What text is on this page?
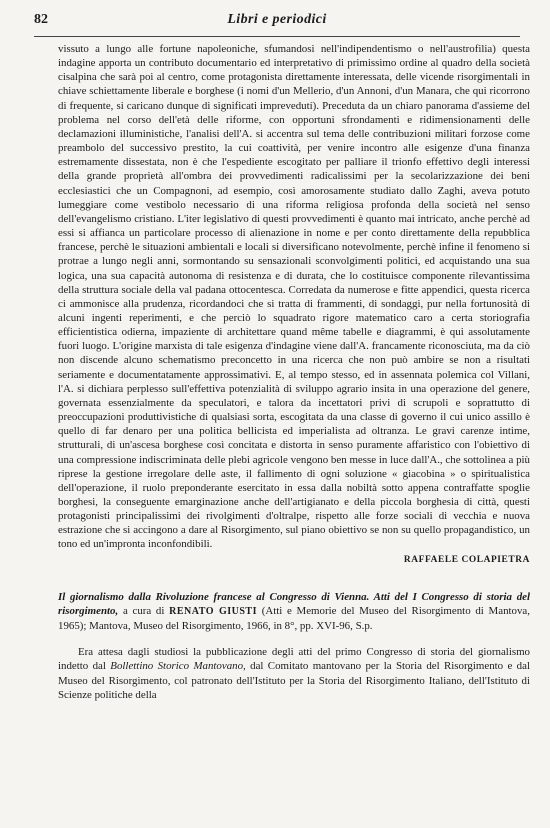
82	Libri e periodici

vissuto a lungo alle fortune napoleoniche, sfumandosi nell'indipendentismo o nell'austrofilia) questa indagine apporta un contributo documentario ed interpretativo di primissimo ordine al quadro della società cisalpina che sarà poi al centro, come protagonista direttamente interessata, delle vicende risorgimentali in chiave schiettamente liberale e borghese (i nomi d'un Mellerio, d'un Annoni, d'un Manara, che qui ricorrono di frequente, si caricano dunque di significati imprevedutí). Preceduta da un chiaro panorama d'assieme del problema nel corso dell'età delle riforme, con opportuni sfrondamenti e ridimensionamenti delle declamazioni illuministiche, l'analisi dell'A. si accentra sul tema delle contribuzioni militari forzose come preambolo del successivo prestito, la cui coattività, per venire incontro alle esigenze d'una finanza estremamente dissestata, non è che l'espediente escogitato per palliare il trionfo effettivo degli interessi della grande proprietà all'ombra dei provvedimenti radicalissimi per la secolarizzazione dei beni ecclesiastici che un Compagnoni, ad esempio, così amorosamente studiato dallo Zaghi, aveva potuto lumeggiare come vestibolo necessario di una riforma religiosa profonda della società nel senso dell'evangelismo cristiano. L'iter legislativo di questi provvedimenti è quanto mai intricato, anche perchè ad essi si affianca un particolare processo di alienazione in nome e per conto direttamente della repubblica francese, perchè le situazioni ambientali e locali si diversificano notevolmente, perchè infine il fenomeno si protrae a lungo negli anni, sormontando su sensazionali sconvolgimenti politici, ed acquistando una sua logica, una sua capacità autonoma di resistenza e di durata, che lo costituisce componente rilevantissima della struttura sociale della val padana ottocentesca. Corredata da numerose e fitte appendici, questa ricerca ci ammonisce alla prudenza, ricordandoci che si tratta di frammenti, di sondaggi, pur nella fortunosità di alcuni ingenti reperimenti, e che perciò lo squadrato rigore matematico caro a certa storiografia efficientistica odierna, impaziente di architettare quand même tabelle e diagrammi, è qui assolutamente fuori luogo. L'origine marxista di tale esigenza d'indagine viene dall'A. francamente riconosciuta, ma da ciò non discende alcuno schematismo preconcetto in una ricerca che non può ambire se non a risultati seriamente e documentatamente approssimativi. E, al tempo stesso, ed in assennata polemica col Villani, l'A. si dichiara perplesso sull'effettiva potenzialità di sviluppo agrario insita in una operazione del genere, governata essenzialmente da speculatori, e talora da incettatori privi di scrupoli e soprattutto di preoccupazioni produttivistiche di qualsiasi sorta, escogitata da una classe di governo il cui unico assillo è quello di far denaro per una politica bellicista ed imperialista ad oltranza. Le gravi carenze intime, strutturali, di un'ascesa borghese così concitata e distorta in senso puramente affaristico con l'obiettivo di una compressione indiscriminata delle plebi agricole vengono ben messe in luce dall'A., che sottolinea a più riprese la gestione irregolare delle aste, il fallimento di ogni soluzione « giacobina » o spiritualistica dell'operazione, il ruolo preponderante esercitato in essa dalla nobiltà sotto appena contraffatte spoglie borghesi, la conseguente emarginazione anche dell'artigianato e della piccola borghesia di città, questi protagonisti principalissimi dei rivolgimenti d'oltralpe, rispetto alle forze sociali di vecchia e nuova estrazione che si accingono a dare al Risorgimento, sul piano obiettivo se non su quello propagandistico, un tono ed un'impronta inconfondibili.

RAFFAELE COLAPIETRA

Il giornalismo dalla Rivoluzione francese al Congresso di Vienna. Atti del I Congresso di storia del risorgimento, a cura di RENATO GIUSTI (Atti e Memorie del Museo del Risorgimento di Mantova, 1965); Mantova, Museo del Risorgimento, 1966, in 8°, pp. XVI-96, S.p.

Era attesa dagli studiosi la pubblicazione degli atti del primo Congresso di storia del giornalismo indetto dal Bollettino Storico Mantovano, dal Comitato mantovano per la Storia del Risorgimento e dal Museo del Risorgimento, col patronato dell'Istituto per la Storia del Risorgimento Italiano, dell'Istituto di Scienze politiche della
